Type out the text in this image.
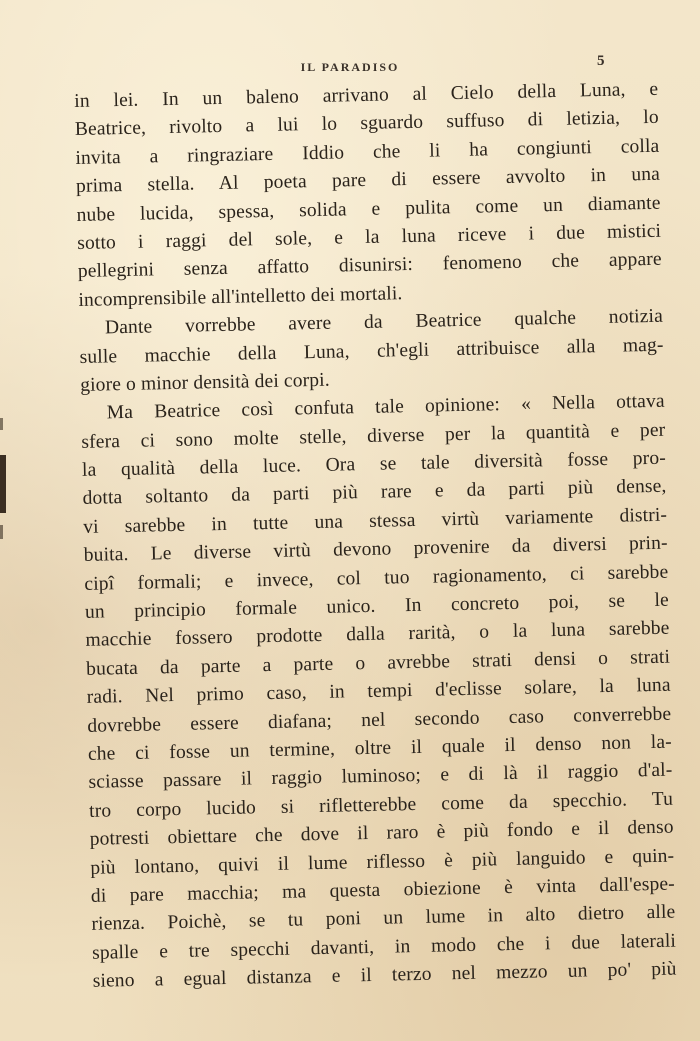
IL PARADISO	5
in lei. In un baleno arrivano al Cielo della Luna, e
Beatrice, rivolto a lui lo sguardo suffuso di letizia, lo
invita a ringraziare Iddio che li ha congiunti colla
prima stella. Al poeta pare di essere avvolto in una
nube lucida, spessa, solida e pulita come un diamante
sotto i raggi del sole, e la luna riceve i due mistici
pellegrini senza affatto disunirsi: fenomeno che appare
incomprensibile all'intelletto dei mortali.
Dante vorrebbe avere da Beatrice qualche notizia
sulle macchie della Luna, ch'egli attribuisce alla mag-
giore o minor densità dei corpi.
Ma Beatrice così confuta tale opinione: « Nella ottava
sfera ci sono molte stelle, diverse per la quantità e per
la qualità della luce. Ora se tale diversità fosse pro-
dotta soltanto da parti più rare e da parti più dense,
vi sarebbe in tutte una stessa virtù variamente distri-
buita. Le diverse virtù devono provenire da diversi prin-
cipî formali; e invece, col tuo ragionamento, ci sarebbe
un principio formale unico. In concreto poi, se le
macchie fossero prodotte dalla rarità, o la luna sarebbe
bucata da parte a parte o avrebbe strati densi o strati
radi. Nel primo caso, in tempi d'eclisse solare, la luna
dovrebbe essere diafana; nel secondo caso converrebbe
che ci fosse un termine, oltre il quale il denso non la-
sciasse passare il raggio luminoso; e di là il raggio d'al-
tro corpo lucido si rifletterebbe come da specchio. Tu
potresti obiettare che dove il raro è più fondo e il denso
più lontano, quivi il lume riflesso è più languido e quin-
di pare macchia; ma questa obiezione è vinta dall'espe-
rienza. Poichè, se tu poni un lume in alto dietro alle
spalle e tre specchi davanti, in modo che i due laterali
sieno a egual distanza e il terzo nel mezzo un po' più
